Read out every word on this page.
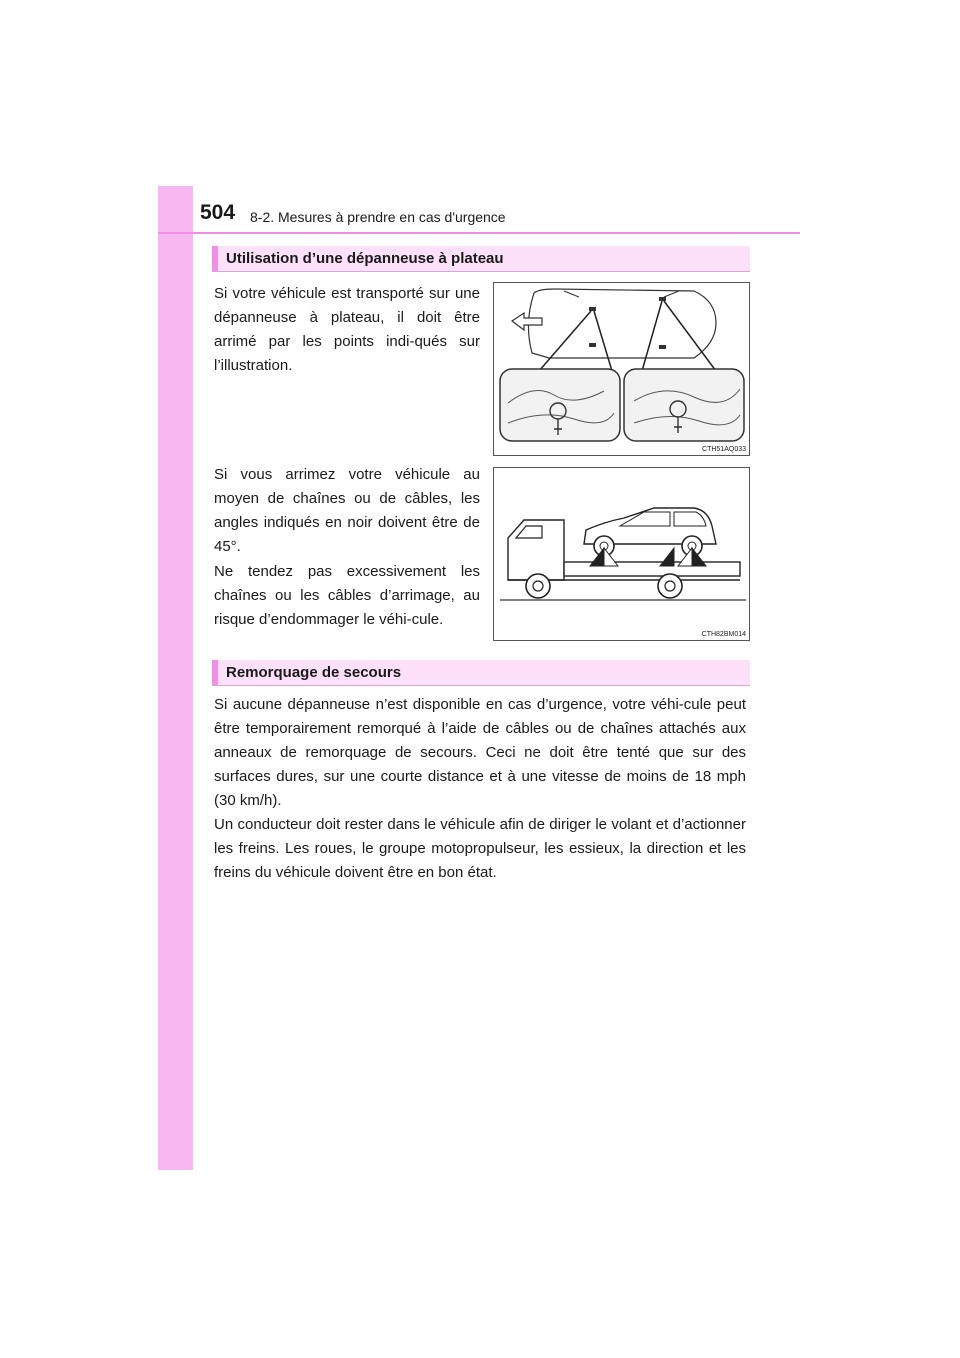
504 8-2. Mesures à prendre en cas d'urgence
Utilisation d’une dépanneuse à plateau

Si votre véhicule est transporté sur une dépanneuse à plateau, il doit être arrimé par les points indi-qués sur l’illustration.

CTH51AQ033

Si vous arrimez votre véhicule au moyen de chaînes ou de câbles, les angles indiqués en noir doivent être de 45°.

Ne tendez pas excessivement les chaînes ou les câbles d’arrimage, au risque d’endommager le véhi-cule.

CTH82BM014
Remorquage de secours

Si aucune dépanneuse n’est disponible en cas d’urgence, votre véhi-cule peut être temporairement remorqué à l’aide de câbles ou de chaînes attachés aux anneaux de remorquage de secours. Ceci ne doit être tenté que sur des surfaces dures, sur une courte distance et à une vitesse de moins de 18 mph (30 km/h).

Un conducteur doit rester dans le véhicule afin de diriger le volant et d’actionner les freins. Les roues, le groupe motopropulseur, les essieux, la direction et les freins du véhicule doivent être en bon état.
